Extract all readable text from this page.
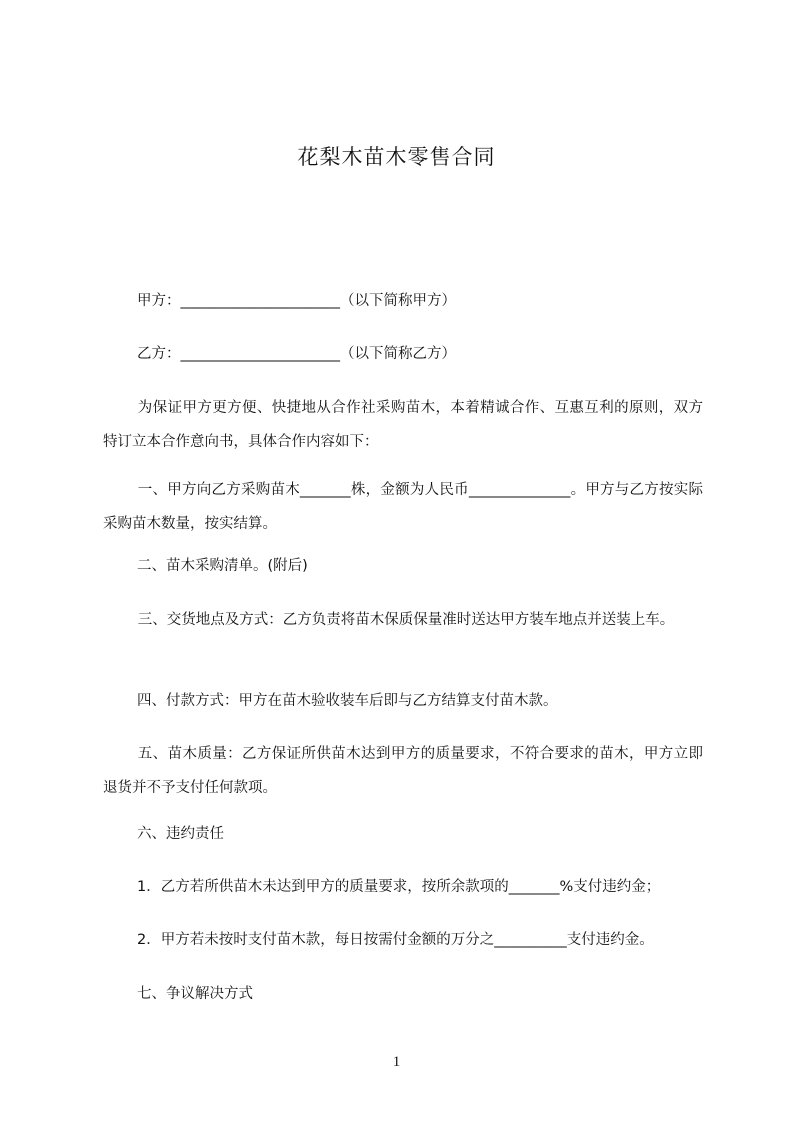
花梨木苗木零售合同
甲方：______________________（以下简称甲方）
乙方：______________________（以下简称乙方）
为保证甲方更方便、快捷地从合作社采购苗木，本着精诚合作、互惠互利的原则，双方特订立本合作意向书，具体合作内容如下：
一、甲方向乙方采购苗木_______株，金额为人民币______________。甲方与乙方按实际采购苗木数量，按实结算。
二、苗木采购清单。(附后)
三、交货地点及方式：乙方负责将苗木保质保量准时送达甲方装车地点并送装上车。
四、付款方式：甲方在苗木验收装车后即与乙方结算支付苗木款。
五、苗木质量：乙方保证所供苗木达到甲方的质量要求，不符合要求的苗木，甲方立即退货并不予支付任何款项。
六、违约责任
1．乙方若所供苗木未达到甲方的质量要求，按所余款项的_______%支付违约金；
2．甲方若未按时支付苗木款，每日按需付金额的万分之__________支付违约金。
七、争议解决方式
1
